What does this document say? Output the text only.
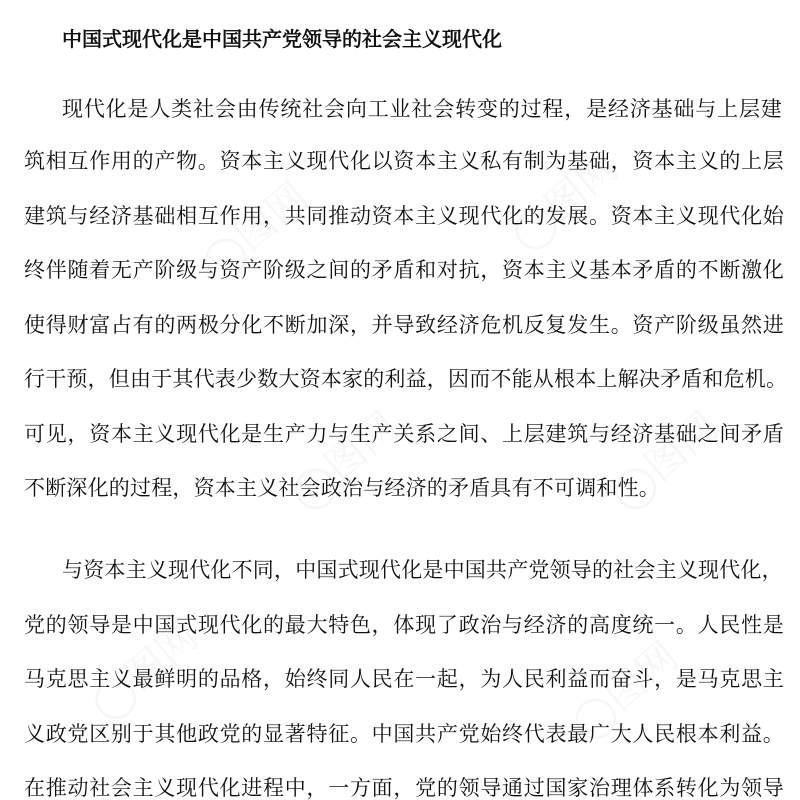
◯图网	◯图网
◯图网	◯图网
◯图网	◯图网
中国式现代化是中国共产党领导的社会主义现代化
现代化是人类社会由传统社会向工业社会转变的过程，是经济基础与上层建
筑相互作用的产物。资本主义现代化以资本主义私有制为基础，资本主义的上层
建筑与经济基础相互作用，共同推动资本主义现代化的发展。资本主义现代化始
终伴随着无产阶级与资产阶级之间的矛盾和对抗，资本主义基本矛盾的不断激化
使得财富占有的两极分化不断加深，并导致经济危机反复发生。资产阶级虽然进
行干预，但由于其代表少数大资本家的利益，因而不能从根本上解决矛盾和危机。
可见，资本主义现代化是生产力与生产关系之间、上层建筑与经济基础之间矛盾
不断深化的过程，资本主义社会政治与经济的矛盾具有不可调和性。
与资本主义现代化不同，中国式现代化是中国共产党领导的社会主义现代化，
党的领导是中国式现代化的最大特色，体现了政治与经济的高度统一。人民性是
马克思主义最鲜明的品格，始终同人民在一起，为人民利益而奋斗，是马克思主
义政党区别于其他政党的显著特征。中国共产党始终代表最广大人民根本利益。
在推动社会主义现代化进程中，一方面，党的领导通过国家治理体系转化为领导
